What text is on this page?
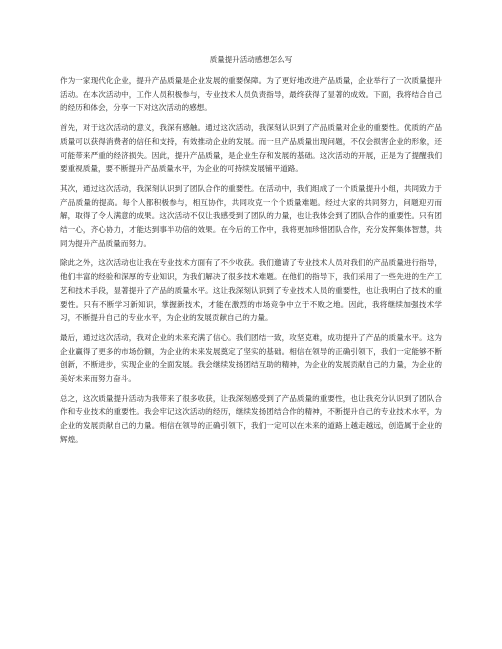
质量提升活动感想怎么写

作为一家现代化企业，提升产品质量是企业发展的重要保障。为了更好地改进产品质量，企业举行了一次质量提升活动。在本次活动中，工作人员积极参与，专业技术人员负责指导，最终获得了显著的成效。下面，我将结合自己的经历和体会，分享一下对这次活动的感想。

首先，对于这次活动的意义，我深有感触。通过这次活动，我深刻认识到了产品质量对企业的重要性。优质的产品质量可以获得消费者的信任和支持，有效推动企业的发展。而一旦产品质量出现问题，不仅会损害企业的形象，还可能带来严重的经济损失。因此，提升产品质量，是企业生存和发展的基础。这次活动的开展，正是为了提醒我们要重视质量，要不断提升产品质量水平，为企业的可持续发展铺平道路。

其次，通过这次活动，我深刻认识到了团队合作的重要性。在活动中，我们组成了一个质量提升小组，共同致力于产品质量的提高。每个人都积极参与，相互协作，共同攻克一个个质量难题。经过大家的共同努力，问题迎刃而解，取得了令人满意的成果。这次活动不仅让我感受到了团队的力量，也让我体会到了团队合作的重要性。只有团结一心，齐心协力，才能达到事半功倍的效果。在今后的工作中，我将更加珍惜团队合作，充分发挥集体智慧，共同为提升产品质量而努力。

除此之外，这次活动也让我在专业技术方面有了不少收获。我们邀请了专业技术人员对我们的产品质量进行指导，他们丰富的经验和深厚的专业知识，为我们解决了很多技术难题。在他们的指导下，我们采用了一些先进的生产工艺和技术手段，显著提升了产品的质量水平。这让我深刻认识到了专业技术人员的重要性，也让我明白了技术的重要性。只有不断学习新知识，掌握新技术，才能在激烈的市场竞争中立于不败之地。因此，我将继续加强技术学习，不断提升自己的专业水平，为企业的发展贡献自己的力量。

最后，通过这次活动，我对企业的未来充满了信心。我们团结一致，攻坚克难，成功提升了产品的质量水平。这为企业赢得了更多的市场份额，为企业的未来发展奠定了坚实的基础。相信在领导的正确引领下，我们一定能够不断创新，不断进步，实现企业的全面发展。我会继续发扬团结互助的精神，为企业的发展贡献自己的力量，为企业的美好未来而努力奋斗。

总之，这次质量提升活动为我带来了很多收获，让我深刻感受到了产品质量的重要性，也让我充分认识到了团队合作和专业技术的重要性。我会牢记这次活动的经历，继续发扬团结合作的精神，不断提升自己的专业技术水平，为企业的发展贡献自己的力量。相信在领导的正确引领下，我们一定可以在未来的道路上越走越远，创造属于企业的辉煌。
